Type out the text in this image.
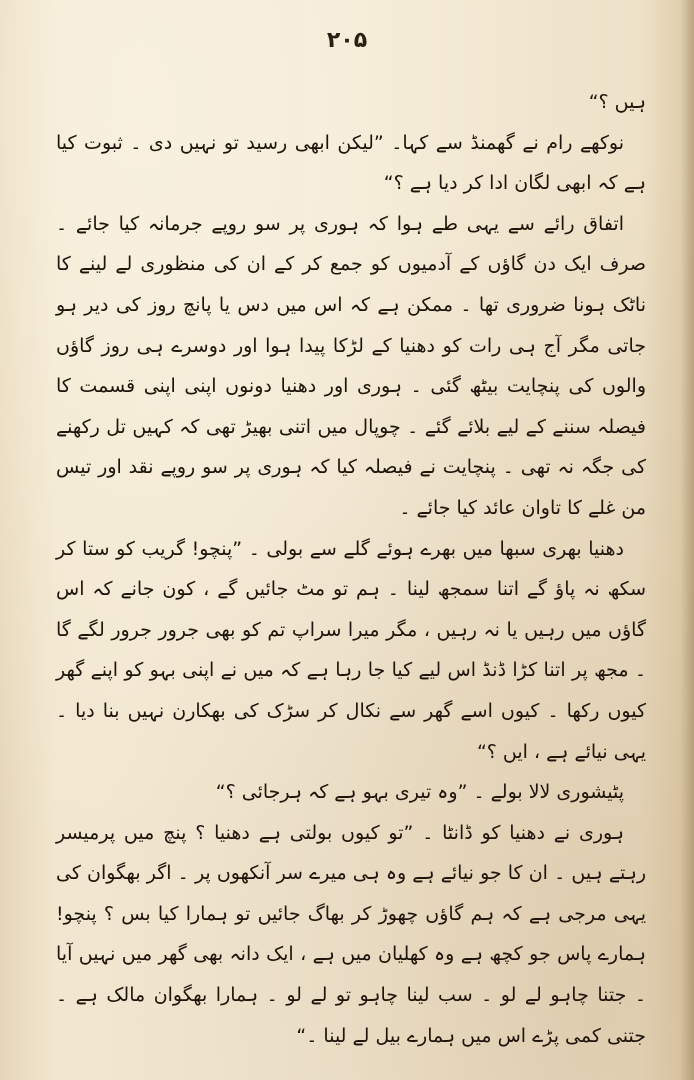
۲۰۵

ہیں ؟“

نوکھے رام نے گھمنڈ سے کہا۔ ”لیکن ابھی رسید تو نہیں دی ۔ ثبوت کیا ہے کہ ابھی لگان ادا کر دیا ہے ؟“

اتفاق رائے سے یہی طے ہوا کہ ہوری پر سو روپے جرمانہ کیا جائے ۔ صرف ایک دن گاؤں کے آدمیوں کو جمع کر کے ان کی منظوری لے لینے کا ناٹک ہونا ضروری تھا ۔ ممکن ہے کہ اس میں دس یا پانچ روز کی دیر ہو جاتی مگر آج ہی رات کو دھنیا کے لڑکا پیدا ہوا اور دوسرے ہی روز گاؤں والوں کی پنچایت بیٹھ گئی ۔ ہوری اور دھنیا دونوں اپنی اپنی قسمت کا فیصلہ سننے کے لیے بلائے گئے ۔ چوپال میں اتنی بھیڑ تھی کہ کہیں تل رکھنے کی جگہ نہ تھی ۔ پنچایت نے فیصلہ کیا کہ ہوری پر سو روپے نقد اور تیس من غلے کا تاوان عائد کیا جائے ۔

دھنیا بھری سبھا میں بھرے ہوئے گلے سے بولی ۔ ”پنچو! گریب کو ستا کر سکھ نہ پاؤ گے اتنا سمجھ لینا ۔ ہم تو مٹ جائیں گے ، کون جانے کہ اس گاؤں میں رہیں یا نہ رہیں ، مگر میرا سراپ تم کو بھی جرور جرور لگے گا ۔ مجھ پر اتنا کڑا ڈنڈ اس لیے کیا جا رہا ہے کہ میں نے اپنی بہو کو اپنے گھر کیوں رکھا ۔ کیوں اسے گھر سے نکال کر سڑک کی بھکارن نہیں بنا دیا ۔ یہی نیائے ہے ، ایں ؟“

پٹیشوری لالا بولے ۔ ”وہ تیری بہو ہے کہ ہرجائی ؟“

ہوری نے دھنیا کو ڈانٹا ۔ ”تو کیوں بولتی ہے دھنیا ؟ پنچ میں پرمیسر رہتے ہیں ۔ ان کا جو نیائے ہے وہ ہی میرے سر آنکھوں پر ۔ اگر بھگوان کی یہی مرجی ہے کہ ہم گاؤں چھوڑ کر بھاگ جائیں تو ہمارا کیا بس ؟ پنچو! ہمارے پاس جو کچھ ہے وہ کھلیان میں ہے ، ایک دانہ بھی گھر میں نہیں آیا ۔ جتنا چاہو لے لو ۔ سب لینا چاہو تو لے لو ۔ ہمارا بھگوان مالک ہے ۔ جتنی کمی پڑے اس میں ہمارے بیل لے لینا ۔“
